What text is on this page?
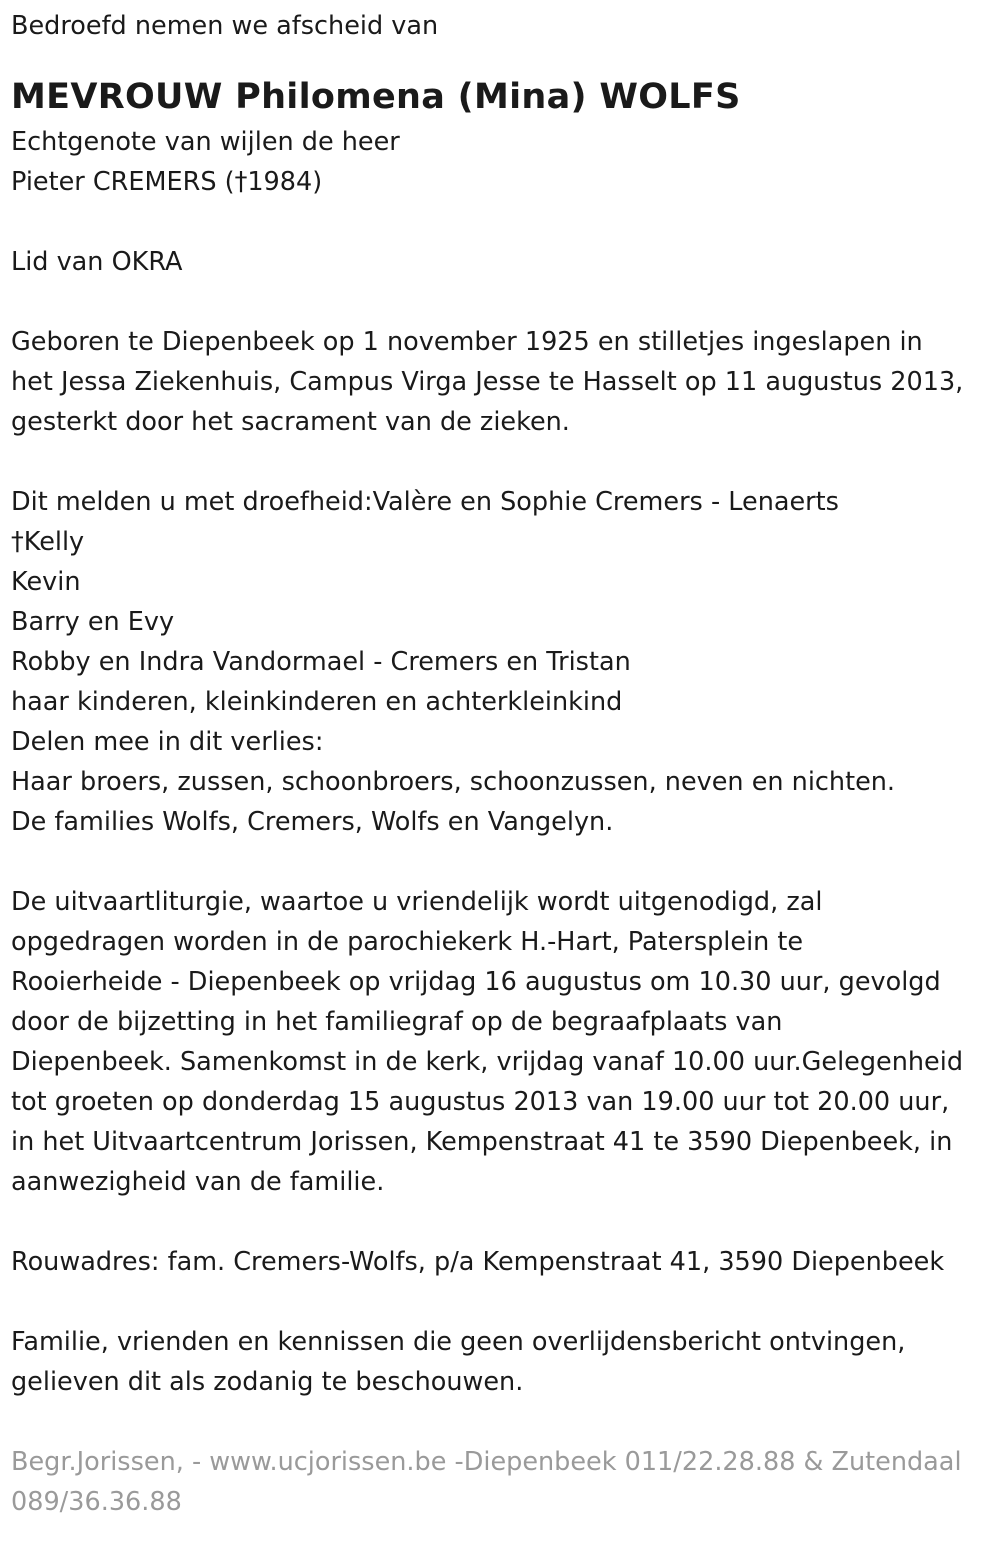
Bedroefd nemen we afscheid van

MEVROUW Philomena (Mina) WOLFS

Echtgenote van wijlen de heer

Pieter CREMERS (†1984)

Lid van OKRA

Geboren te Diepenbeek op 1 november 1925 en stilletjes ingeslapen in

het Jessa Ziekenhuis, Campus Virga Jesse te Hasselt op 11 augustus 2013,

gesterkt door het sacrament van de zieken.

Dit melden u met droefheid:Valère en Sophie Cremers - Lenaerts

†Kelly

Kevin

Barry en Evy

Robby en Indra Vandormael - Cremers en Tristan

haar kinderen, kleinkinderen en achterkleinkind

Delen mee in dit verlies:

Haar broers, zussen, schoonbroers, schoonzussen, neven en nichten.

De families Wolfs, Cremers, Wolfs en Vangelyn.

De uitvaartliturgie, waartoe u vriendelijk wordt uitgenodigd, zal

opgedragen worden in de parochiekerk H.-Hart, Patersplein te

Rooierheide - Diepenbeek op vrijdag 16 augustus om 10.30 uur, gevolgd

door de bijzetting in het familiegraf op de begraafplaats van

Diepenbeek. Samenkomst in de kerk, vrijdag vanaf 10.00 uur.Gelegenheid

tot groeten op donderdag 15 augustus 2013 van 19.00 uur tot 20.00 uur,

in het Uitvaartcentrum Jorissen, Kempenstraat 41 te 3590 Diepenbeek, in

aanwezigheid van de familie.

Rouwadres: fam. Cremers-Wolfs, p/a Kempenstraat 41, 3590 Diepenbeek

Familie, vrienden en kennissen die geen overlijdensbericht ontvingen,

gelieven dit als zodanig te beschouwen.

Begr.Jorissen, - www.ucjorissen.be -Diepenbeek 011/22.28.88 & Zutendaal

089/36.36.88
